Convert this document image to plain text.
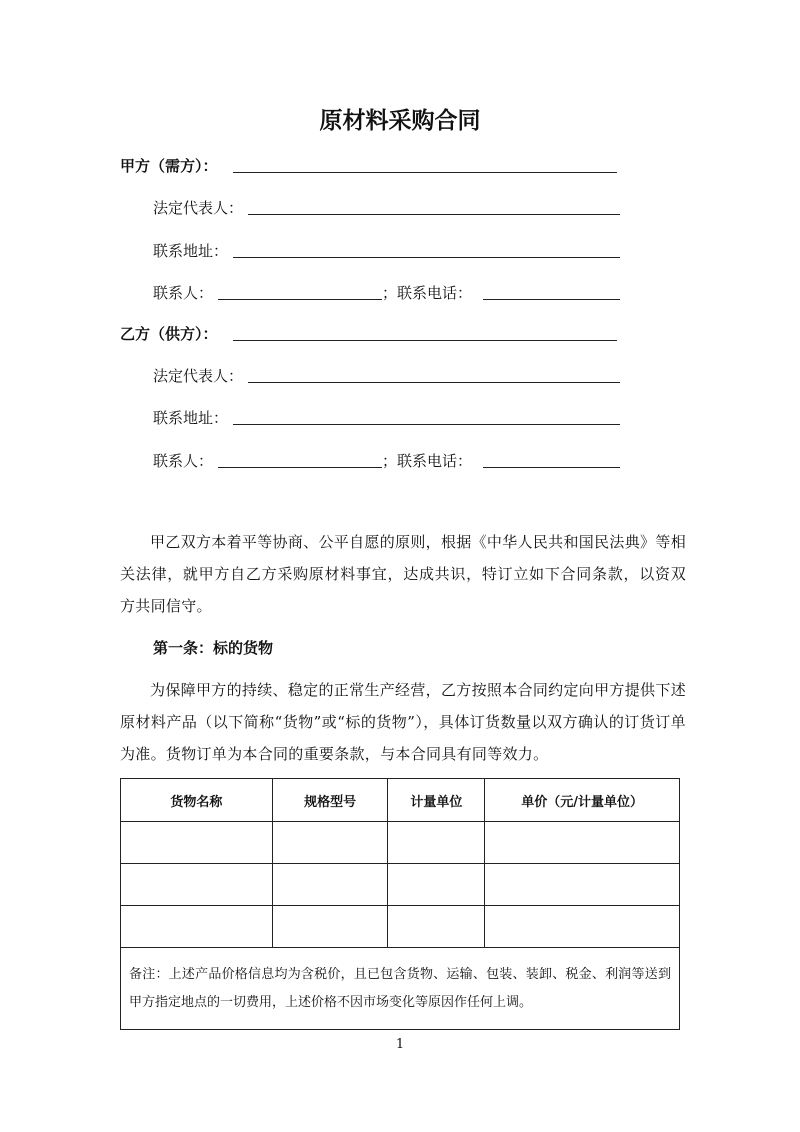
原材料采购合同
甲方（需方）：
法定代表人：
联系地址：
联系人：	；联系电话：
乙方（供方）：
法定代表人：
联系地址：
联系人：	；联系电话：
甲乙双方本着平等协商、公平自愿的原则，根据《中华人民共和国民法典》等相关法律，就甲方自乙方采购原材料事宜，达成共识，特订立如下合同条款，以资双方共同信守。
第一条：标的货物
为保障甲方的持续、稳定的正常生产经营，乙方按照本合同约定向甲方提供下述原材料产品（以下简称“货物”或“标的货物”），具体订货数量以双方确认的订货订单为准。货物订单为本合同的重要条款，与本合同具有同等效力。
货物名称	规格型号	计量单位	单价（元/计量单位）

备注：上述产品价格信息均为含税价，且已包含货物、运输、包装、装卸、税金、利润等送到甲方指定地点的一切费用，上述价格不因市场变化等原因作任何上调。			
1
